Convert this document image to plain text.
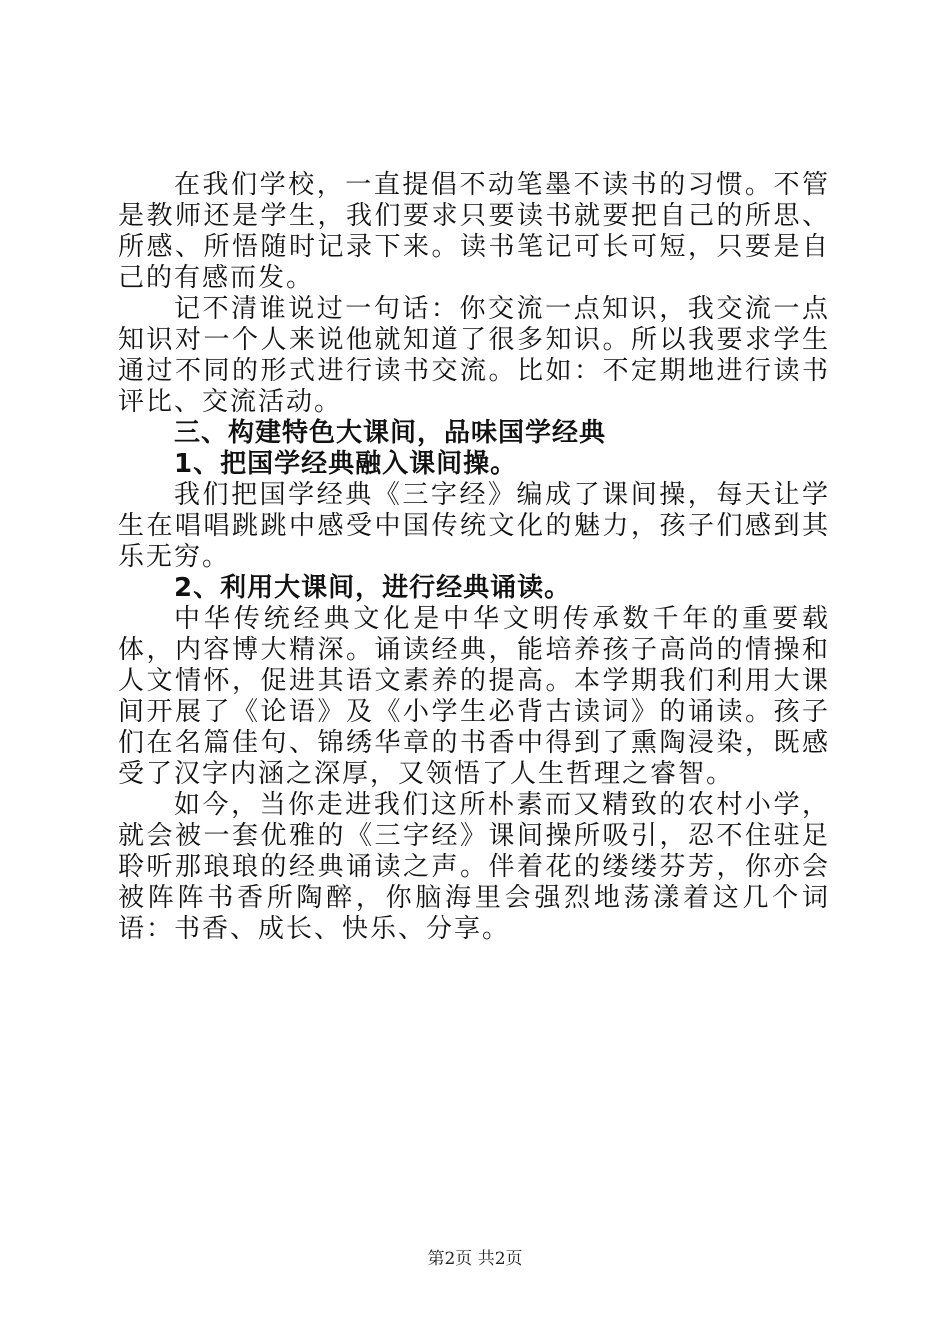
在我们学校，一直提倡不动笔墨不读书的习惯。不管是教师还是学生，我们要求只要读书就要把自己的所思、所感、所悟随时记录下来。读书笔记可长可短，只要是自己的有感而发。

记不清谁说过一句话：你交流一点知识，我交流一点知识对一个人来说他就知道了很多知识。所以我要求学生通过不同的形式进行读书交流。比如：不定期地进行读书评比、交流活动。

三、构建特色大课间，品味国学经典

1、把国学经典融入课间操。

我们把国学经典《三字经》编成了课间操，每天让学生在唱唱跳跳中感受中国传统文化的魅力，孩子们感到其乐无穷。

2、利用大课间，进行经典诵读。

中华传统经典文化是中华文明传承数千年的重要载体，内容博大精深。诵读经典，能培养孩子高尚的情操和人文情怀，促进其语文素养的提高。本学期我们利用大课间开展了《论语》及《小学生必背古读词》的诵读。孩子们在名篇佳句、锦绣华章的书香中得到了熏陶浸染，既感受了汉字内涵之深厚，又领悟了人生哲理之睿智。

如今，当你走进我们这所朴素而又精致的农村小学，就会被一套优雅的《三字经》课间操所吸引，忍不住驻足聆听那琅琅的经典诵读之声。伴着花的缕缕芬芳，你亦会被阵阵书香所陶醉，你脑海里会强烈地荡漾着这几个词语：书香、成长、快乐、分享。

第2页 共2页
